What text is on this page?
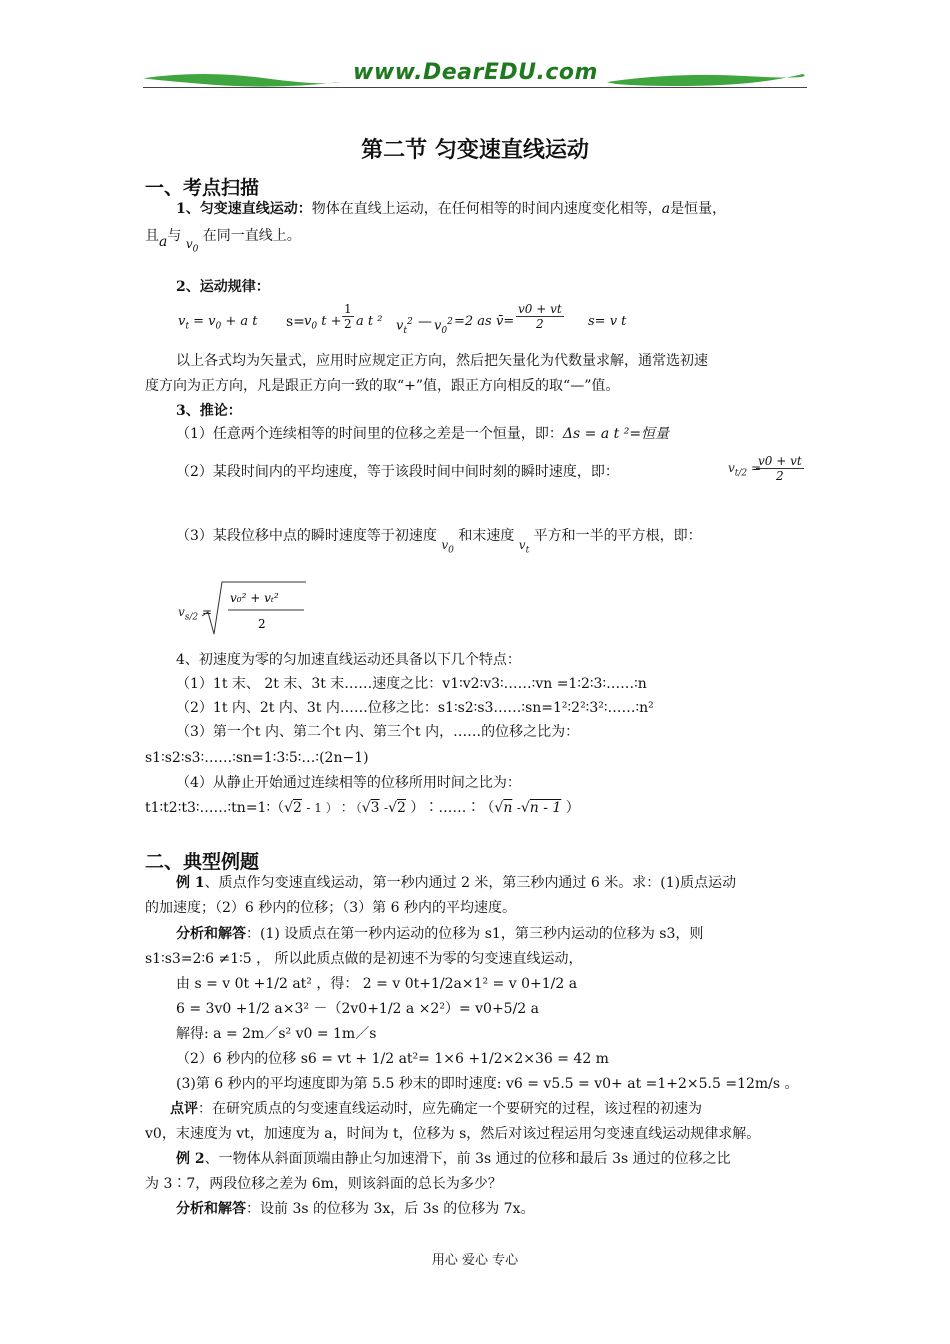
www.DearEDU.com
第二节 匀变速直线运动
一、考点扫描
1、匀变速直线运动：物体在直线上运动，在任何相等的时间内速度变化相等，a是恒量，
且a与 $v_0$ 在同一直线上。
2、运动规律：
$v_t = v_0 + a$ t $s= v_0$ $t + \frac{1}{2}$ a t ² $v_t^2$ — $v_0^2 =2$ as v̄= $\frac{v0 + vt}{2} s= v$ t
以上各式均为矢量式，应用时应规定正方向，然后把矢量化为代数量求解，通常选初速
度方向为正方向，凡是跟正方向一致的取“+”值，跟正方向相反的取“—”值。
3、推论：
（1）任意两个连续相等的时间里的位移之差是一个恒量，即：Δs = a t ²=恒量
（2）某段时间内的平均速度，等于该段时间中间时刻的瞬时速度，即：	$v_{t/2}$ =
$\frac{v0 + vt}{2}$
（3）某段位移中点的瞬时速度等于初速度 $v_0$ 和末速度 $v_t$ 平方和一半的平方根，即：
$v_{s/2}$ =
v₀² + vₜ²
2
4、初速度为零的匀加速直线运动还具备以下几个特点：
（1）1t 末、 2t 末、3t 末……速度之比：v1∶v2∶v3∶……∶vn =1∶2∶3∶……∶n
（2）1t 内、2t 内、3t 内……位移之比：s1∶s2∶s3……∶sn=1²∶2²∶3²∶……∶n²
（3）第一个t 内、第二个t 内、第三个t 内，……的位移之比为：
s1∶s2∶s3∶……∶sn=1∶3∶5∶…∶(2n−1)
（4）从静止开始通过连续相等的位移所用时间之比为：
t1∶t2∶t3∶……∶tn=1∶（√2 - 1 ）∶（√3 -√2 ）∶……∶（√n -√n - 1 ）
二、典型例题
例 1、质点作匀变速直线运动，第一秒内通过 2 米，第三秒内通过 6 米。求：(1)质点运动
的加速度；（2）6 秒内的位移；（3）第 6 秒内的平均速度。
分析和解答：(1) 设质点在第一秒内运动的位移为 s1，第三秒内运动的位移为 s3，则
s1∶s3=2∶6 ≠1∶5 ， 所以此质点做的是初速不为零的匀变速直线运动，
由 s = v 0t +1/2 at² ，得： 2 = v 0t+1/2a×1² = v 0+1/2 a
6 = 3v0 +1/2 a×3² －（2v0+1/2 a ×2²）= v0+5/2 a
解得: a = 2m／s² v0 = 1m／s
（2）6 秒内的位移 s6 = vt + 1/2 at²= 1×6 +1/2×2×36 = 42 m
(3)第 6 秒内的平均速度即为第 5.5 秒末的即时速度: v6 = v5.5 = v0+ at =1+2×5.5 =12m/s 。
点评：在研究质点的匀变速直线运动时，应先确定一个要研究的过程，该过程的初速为
v0，末速度为 vt，加速度为 a，时间为 t，位移为 s，然后对该过程运用匀变速直线运动规律求解。
例 2、一物体从斜面顶端由静止匀加速滑下，前 3s 通过的位移和最后 3s 通过的位移之比
为 3∶7，两段位移之差为 6m，则该斜面的总长为多少？
分析和解答：设前 3s 的位移为 3x，后 3s 的位移为 7x。
用心 爱心 专心
